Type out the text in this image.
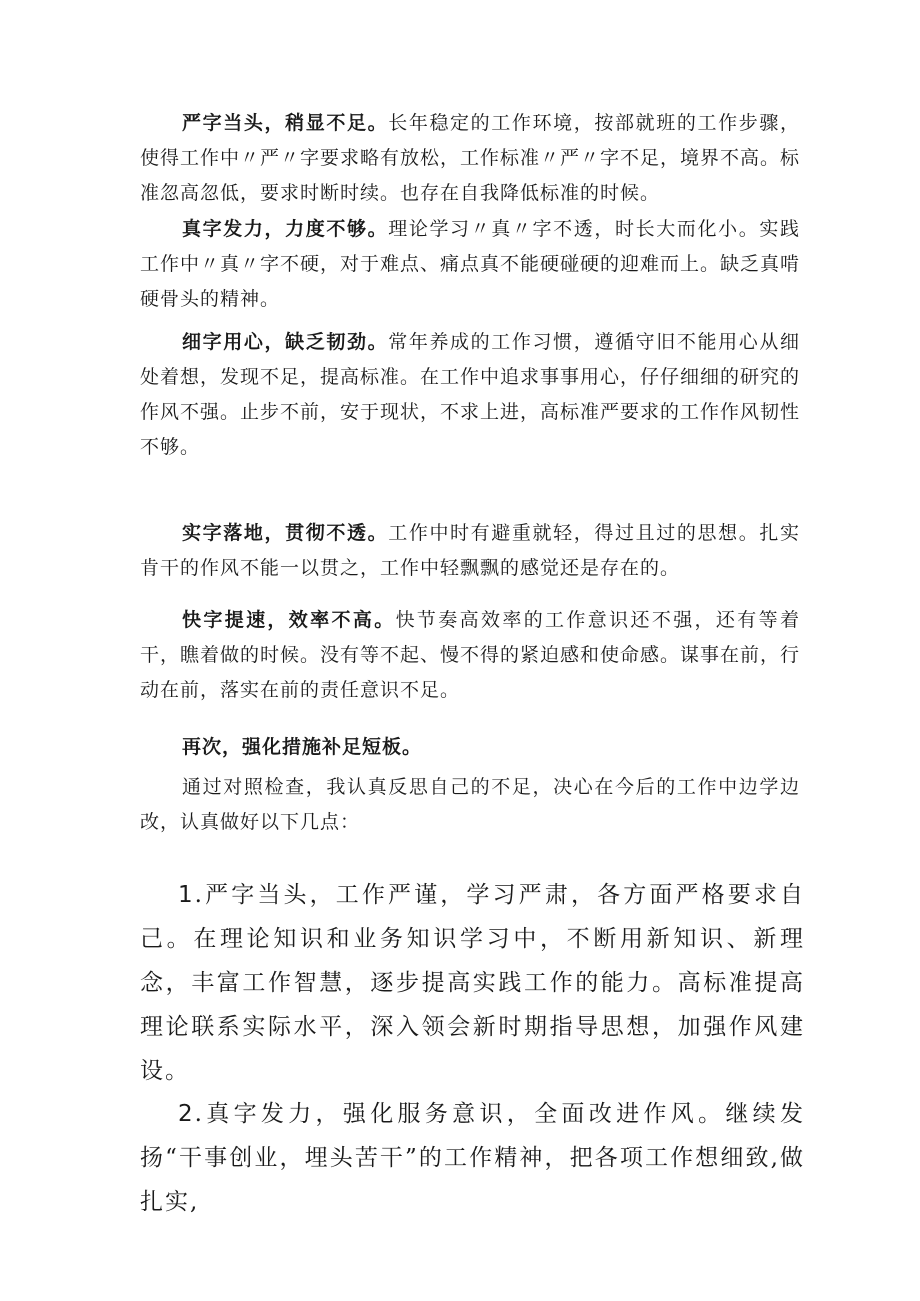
严字当头，稍显不足。长年稳定的工作环境，按部就班的工作步骤，使得工作中〃严〃字要求略有放松，工作标准〃严〃字不足，境界不高。标准忽高忽低，要求时断时续。也存在自我降低标准的时候。

真字发力，力度不够。理论学习〃真〃字不透，时长大而化小。实践工作中〃真〃字不硬，对于难点、痛点真不能硬碰硬的迎难而上。缺乏真啃硬骨头的精神。

细字用心，缺乏韧劲。常年养成的工作习惯，遵循守旧不能用心从细处着想，发现不足，提高标准。在工作中追求事事用心，仔仔细细的研究的作风不强。止步不前，安于现状，不求上进，高标准严要求的工作作风韧性不够。

实字落地，贯彻不透。工作中时有避重就轻，得过且过的思想。扎实肯干的作风不能一以贯之，工作中轻飘飘的感觉还是存在的。

快字提速，效率不高。快节奏高效率的工作意识还不强，还有等着干，瞧着做的时候。没有等不起、慢不得的紧迫感和使命感。谋事在前，行动在前，落实在前的责任意识不足。

再次，强化措施补足短板。

通过对照检查，我认真反思自己的不足，决心在今后的工作中边学边改，认真做好以下几点：

1.严字当头，工作严谨，学习严肃，各方面严格要求自己。在理论知识和业务知识学习中，不断用新知识、新理念，丰富工作智慧，逐步提高实践工作的能力。高标准提高理论联系实际水平，深入领会新时期指导思想，加强作风建设。

2.真字发力，强化服务意识，全面改进作风。继续发扬“干事创业，埋头苦干”的工作精神，把各项工作想细致,做扎实,
